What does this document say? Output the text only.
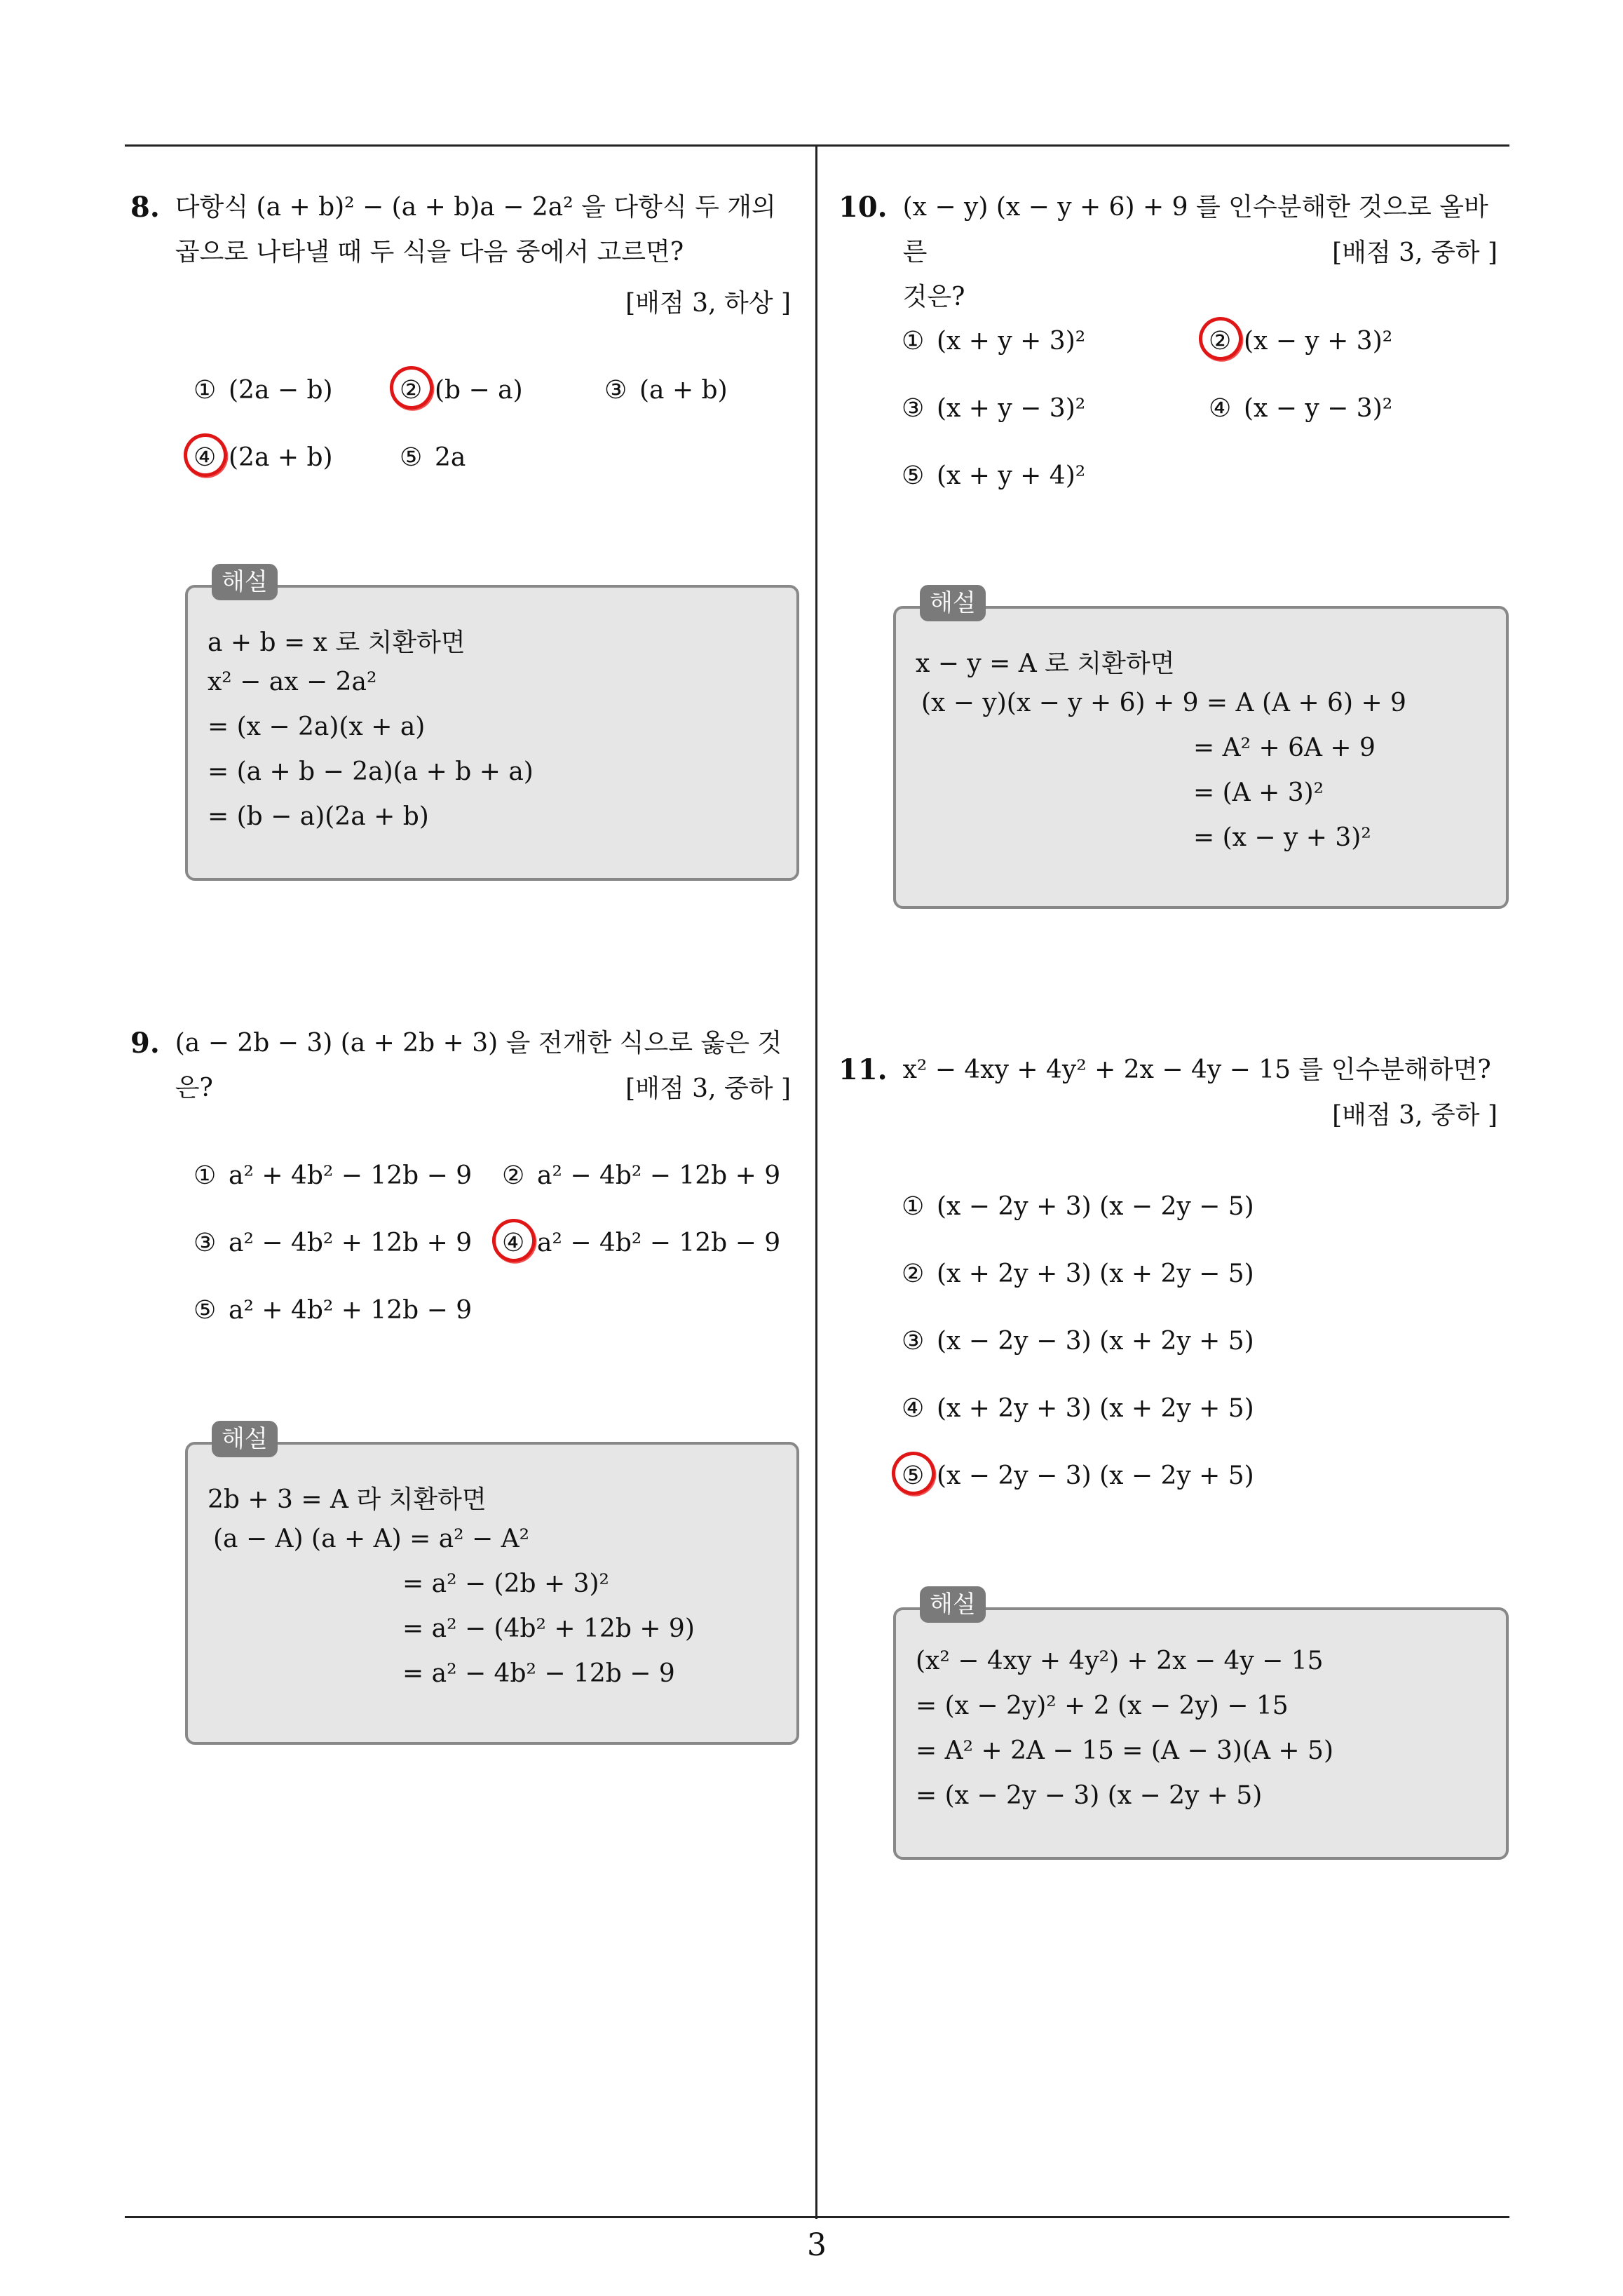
8. 다항식 (a + b)² − (a + b)a − 2a² 을 다항식 두 개의
곱으로 나타낼 때 두 식을 다음 중에서 고르면?
[배점 3, 하상 ]
① (2a − b)	② (b − a)	③ (a + b)
④ (2a + b)	⑤ 2a
해설
a + b = x 로 치환하면
x² − ax − 2a²
= (x − 2a)(x + a)
= (a + b − 2a)(a + b + a)
= (b − a)(2a + b)
9. (a − 2b − 3) (a + 2b + 3) 을 전개한 식으로 옳은 것은?	[배점 3, 중하 ]
① a² + 4b² − 12b − 9 ② a² − 4b² − 12b + 9
③ a² − 4b² + 12b + 9 ④ a² − 4b² − 12b − 9
⑤ a² + 4b² + 12b − 9
해설
2b + 3 = A 라 치환하면
(a − A) (a + A) = a² − A²
= a² − (2b + 3)²
= a² − (4b² + 12b + 9)
= a² − 4b² − 12b − 9
10. (x − y) (x − y + 6) + 9 를 인수분해한 것으로 올바른
것은?
[배점 3, 중하 ]
① (x + y + 3)²	② (x − y + 3)²
③ (x + y − 3)²	④ (x − y − 3)²
⑤ (x + y + 4)²
해설
x − y = A 로 치환하면
(x − y)(x − y + 6) + 9 = A (A + 6) + 9
= A² + 6A + 9
= (A + 3)²
= (x − y + 3)²
11. x² − 4xy + 4y² + 2x − 4y − 15 를 인수분해하면?
[배점 3, 중하 ]
① (x − 2y + 3) (x − 2y − 5)
② (x + 2y + 3) (x + 2y − 5)
③ (x − 2y − 3) (x + 2y + 5)
④ (x + 2y + 3) (x + 2y + 5)
⑤ (x − 2y − 3) (x − 2y + 5)
해설
(x² − 4xy + 4y²) + 2x − 4y − 15
= (x − 2y)² + 2 (x − 2y) − 15
= A² + 2A − 15 = (A − 3)(A + 5)
= (x − 2y − 3) (x − 2y + 5)
3
